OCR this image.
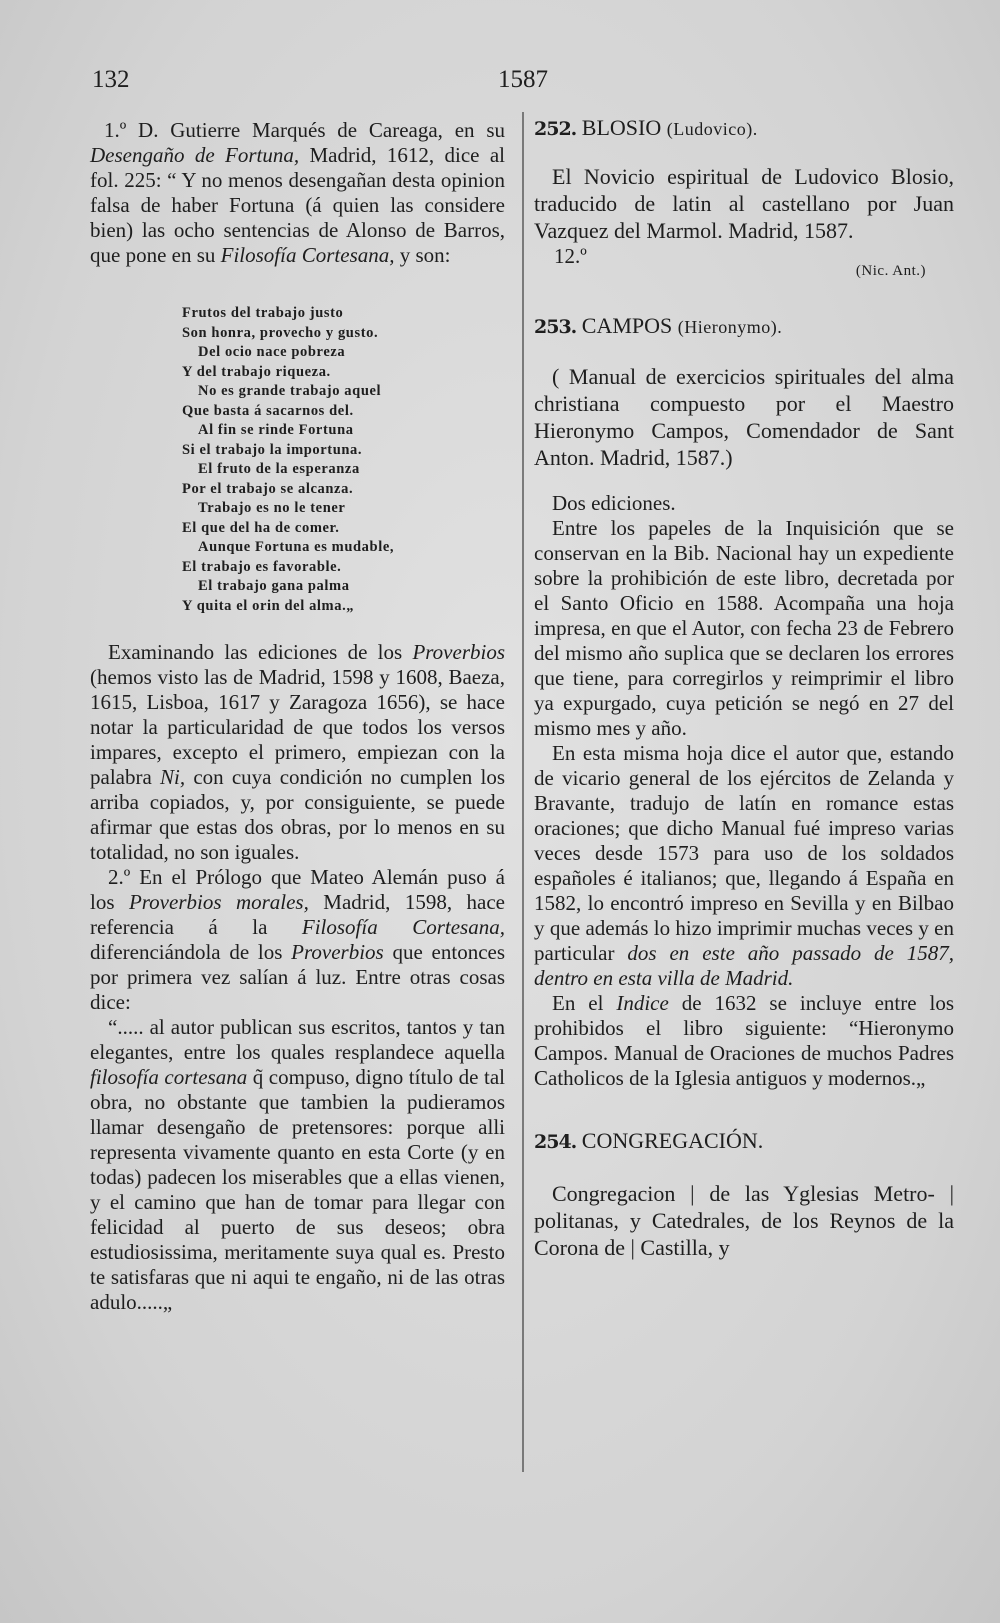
132	1587

1.º D. Gutierre Marqués de Careaga, en su Desengaño de Fortuna, Madrid, 1612, dice al fol. 225: “ Y no menos desengañan desta opinion falsa de haber Fortuna (á quien las considere bien) las ocho sentencias de Alonso de Barros, que pone en su Filosofía Cortesana, y son:

Frutos del trabajo justo
Son honra, provecho y gusto.
Del ocio nace pobreza
Y del trabajo riqueza.
No es grande trabajo aquel
Que basta á sacarnos del.
Al fin se rinde Fortuna
Si el trabajo la importuna.
El fruto de la esperanza
Por el trabajo se alcanza.
Trabajo es no le tener
El que del ha de comer.
Aunque Fortuna es mudable,
El trabajo es favorable.
El trabajo gana palma
Y quita el orin del alma.„

Examinando las ediciones de los Proverbios (hemos visto las de Madrid, 1598 y 1608, Baeza, 1615, Lisboa, 1617 y Zaragoza 1656), se hace notar la particularidad de que todos los versos impares, excepto el primero, empiezan con la palabra Ni, con cuya condición no cumplen los arriba copiados, y, por consiguiente, se puede afirmar que estas dos obras, por lo menos en su totalidad, no son iguales.

2.º En el Prólogo que Mateo Alemán puso á los Proverbios morales, Madrid, 1598, hace referencia á la Filosofía Cortesana, diferenciándola de los Proverbios que entonces por primera vez salían á luz. Entre otras cosas dice:

“..... al autor publican sus escritos, tantos y tan elegantes, entre los quales resplandece aquella filosofía cortesana q̃ compuso, digno título de tal obra, no obstante que tambien la pudieramos llamar desengaño de pretensores: porque alli representa vivamente quanto en esta Corte (y en todas) padecen los miserables que a ellas vienen, y el camino que han de tomar para llegar con felicidad al puerto de sus deseos; obra estudiosissima, meritamente suya qual es. Presto te satisfaras que ni aqui te engaño, ni de las otras adulo.....„

252. BLOSIO (Ludovico).

El Novicio espiritual de Ludovico Blosio, traducido de latin al castellano por Juan Vazquez del Marmol. Madrid, 1587.

12.º

(Nic. Ant.)

253. CAMPOS (Hieronymo).

( Manual de exercicios spirituales del alma christiana compuesto por el Maestro Hieronymo Campos, Comendador de Sant Anton. Madrid, 1587.)

Dos ediciones.

Entre los papeles de la Inquisición que se conservan en la Bib. Nacional hay un expediente sobre la prohibición de este libro, decretada por el Santo Oficio en 1588. Acompaña una hoja impresa, en que el Autor, con fecha 23 de Febrero del mismo año suplica que se declaren los errores que tiene, para corregirlos y reimprimir el libro ya expurgado, cuya petición se negó en 27 del mismo mes y año.

En esta misma hoja dice el autor que, estando de vicario general de los ejércitos de Zelanda y Bravante, tradujo de latín en romance estas oraciones; que dicho Manual fué impreso varias veces desde 1573 para uso de los soldados españoles é italianos; que, llegando á España en 1582, lo encontró impreso en Sevilla y en Bilbao y que además lo hizo imprimir muchas veces y en particular dos en este año passado de 1587, dentro en esta villa de Madrid.

En el Indice de 1632 se incluye entre los prohibidos el libro siguiente: “Hieronymo Campos. Manual de Oraciones de muchos Padres Catholicos de la Iglesia antiguos y modernos.„

254. CONGREGACIÓN.

Congregacion | de las Yglesias Metro- | politanas, y Catedrales, de los Reynos de la Corona de | Castilla, y
